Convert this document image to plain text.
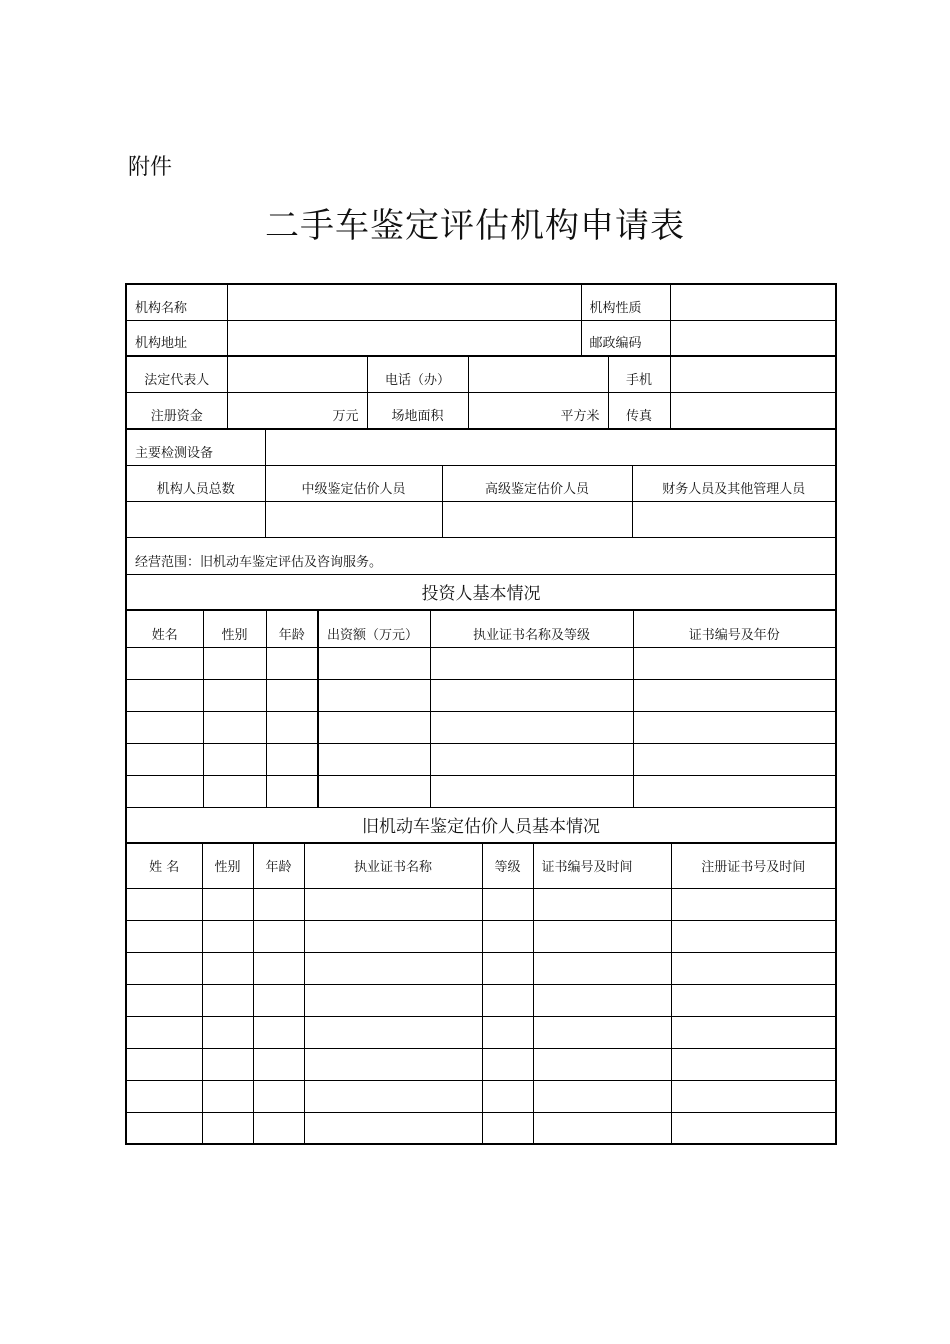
附件
二手车鉴定评估机构申请表
机构名称		机构性质	
机构地址		邮政编码	
法定代表人		电话（办）		手机	
注册资金	万元	场地面积	平方米	传真	
主要检测设备			
机构人员总数	中级鉴定估价人员	高级鉴定估价人员	财务人员及其他管理人员

经营范围：旧机动车鉴定评估及咨询服务。			
投资人基本情况			
姓名	性别	年龄	出资额（万元）	执业证书名称及等级	证书编号及年份

旧机动车鉴定估价人员基本情况					
姓 名	性别	年龄	执业证书名称	等级	证书编号及时间	注册证书号及时间
